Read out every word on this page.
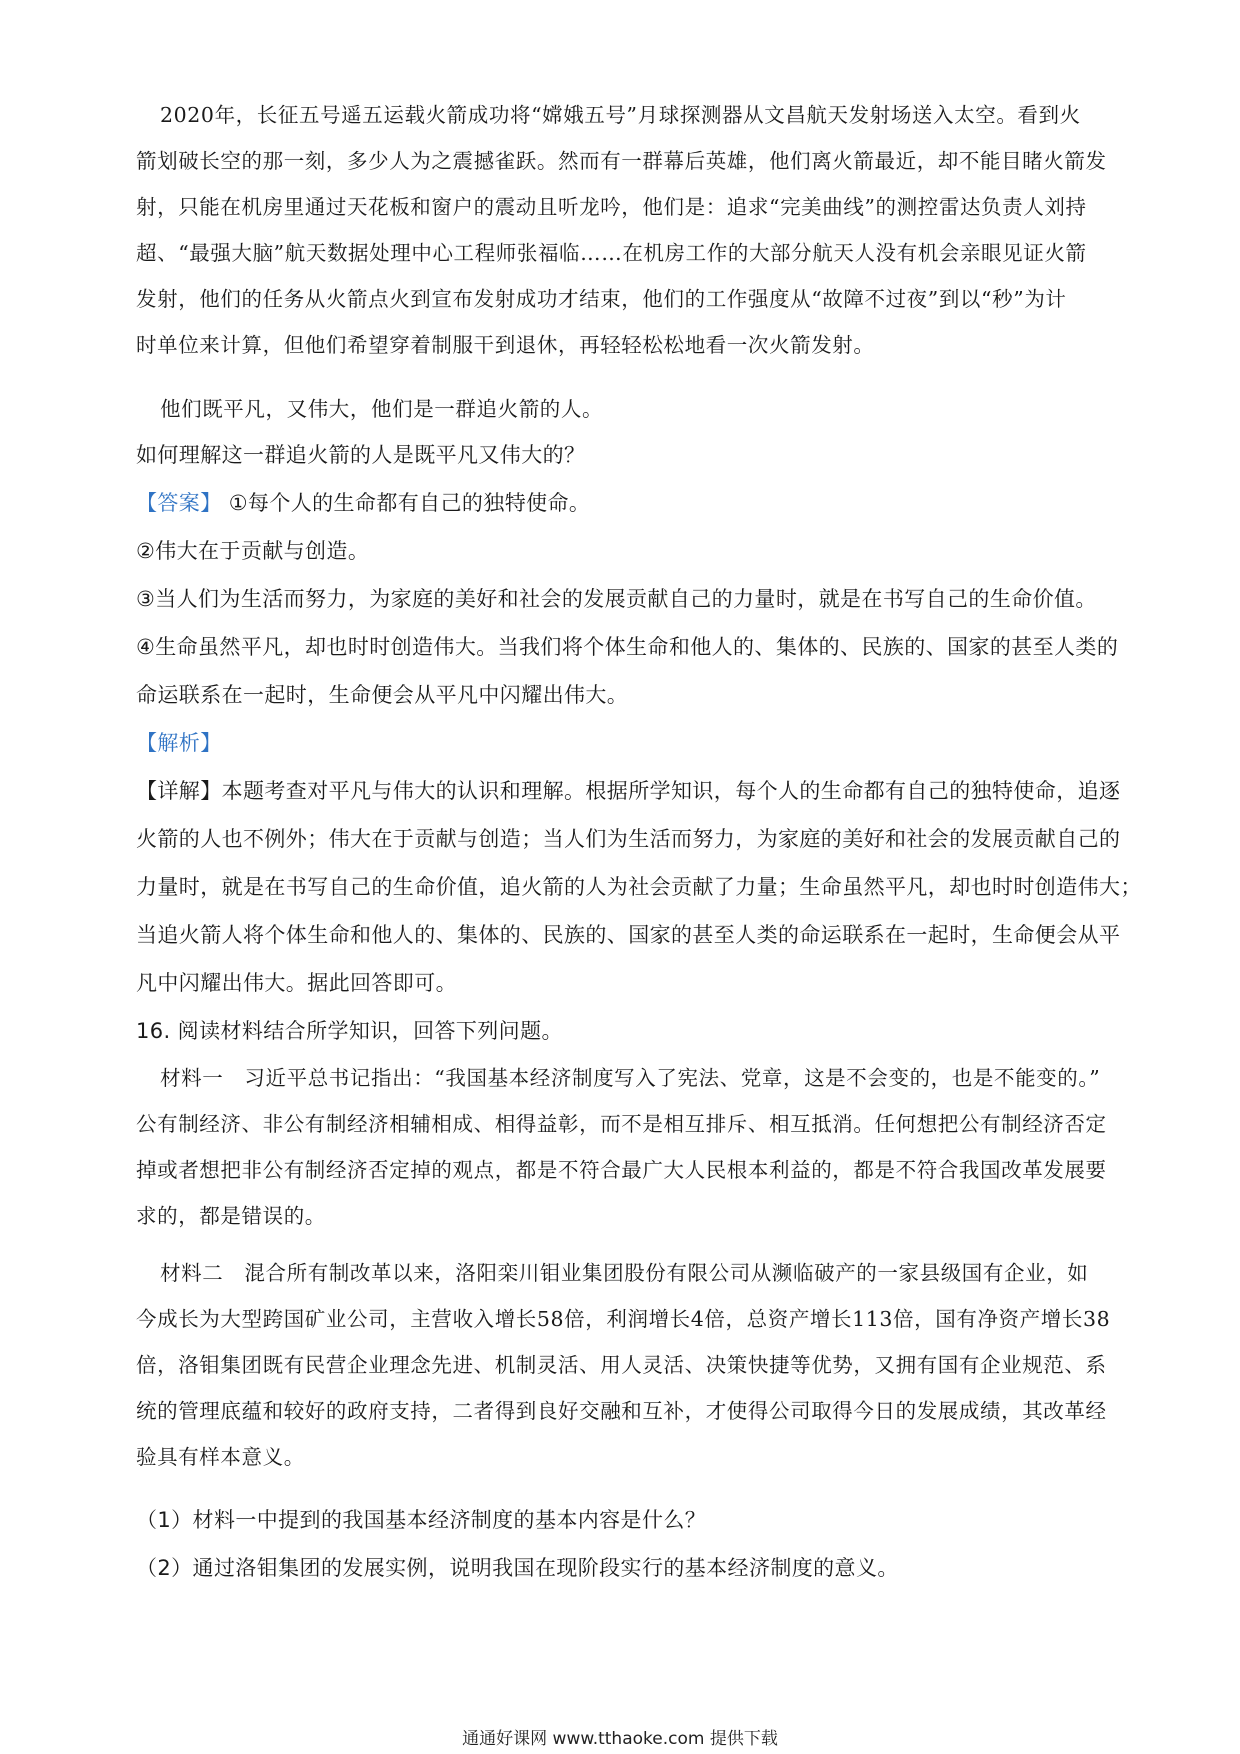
2020年，长征五号遥五运载火箭成功将“嫦娥五号”月球探测器从文昌航天发射场送入太空。看到火
箭划破长空的那一刻，多少人为之震撼雀跃。然而有一群幕后英雄，他们离火箭最近，却不能目睹火箭发
射，只能在机房里通过天花板和窗户的震动且听龙吟，他们是：追求“完美曲线”的测控雷达负责人刘持
超、“最强大脑”航天数据处理中心工程师张福临……在机房工作的大部分航天人没有机会亲眼见证火箭
发射，他们的任务从火箭点火到宣布发射成功才结束，他们的工作强度从“故障不过夜”到以“秒”为计
时单位来计算，但他们希望穿着制服干到退休，再轻轻松松地看一次火箭发射。
他们既平凡，又伟大，他们是一群追火箭的人。
如何理解这一群追火箭的人是既平凡又伟大的？
【答案】 ①每个人的生命都有自己的独特使命。
②伟大在于贡献与创造。
③当人们为生活而努力，为家庭的美好和社会的发展贡献自己的力量时，就是在书写自己的生命价值。
④生命虽然平凡，却也时时创造伟大。当我们将个体生命和他人的、集体的、民族的、国家的甚至人类的
命运联系在一起时，生命便会从平凡中闪耀出伟大。
【解析】
【详解】本题考查对平凡与伟大的认识和理解。根据所学知识，每个人的生命都有自己的独特使命，追逐
火箭的人也不例外；伟大在于贡献与创造；当人们为生活而努力，为家庭的美好和社会的发展贡献自己的
力量时，就是在书写自己的生命价值，追火箭的人为社会贡献了力量；生命虽然平凡，却也时时创造伟大；
当追火箭人将个体生命和他人的、集体的、民族的、国家的甚至人类的命运联系在一起时，生命便会从平
凡中闪耀出伟大。据此回答即可。
16. 阅读材料结合所学知识，回答下列问题。
材料一　习近平总书记指出：“我国基本经济制度写入了宪法、党章，这是不会变的，也是不能变的。”
公有制经济、非公有制经济相辅相成、相得益彰，而不是相互排斥、相互抵消。任何想把公有制经济否定
掉或者想把非公有制经济否定掉的观点，都是不符合最广大人民根本利益的，都是不符合我国改革发展要
求的，都是错误的。
材料二　混合所有制改革以来，洛阳栾川钼业集团股份有限公司从濒临破产的一家县级国有企业，如
今成长为大型跨国矿业公司，主营收入增长58倍，利润增长4倍，总资产增长113倍，国有净资产增长38
倍，洛钼集团既有民营企业理念先进、机制灵活、用人灵活、决策快捷等优势，又拥有国有企业规范、系
统的管理底蕴和较好的政府支持，二者得到良好交融和互补，才使得公司取得今日的发展成绩，其改革经
验具有样本意义。
（1）材料一中提到的我国基本经济制度的基本内容是什么？
（2）通过洛钼集团的发展实例，说明我国在现阶段实行的基本经济制度的意义。
通通好课网 www.tthaoke.com 提供下载
